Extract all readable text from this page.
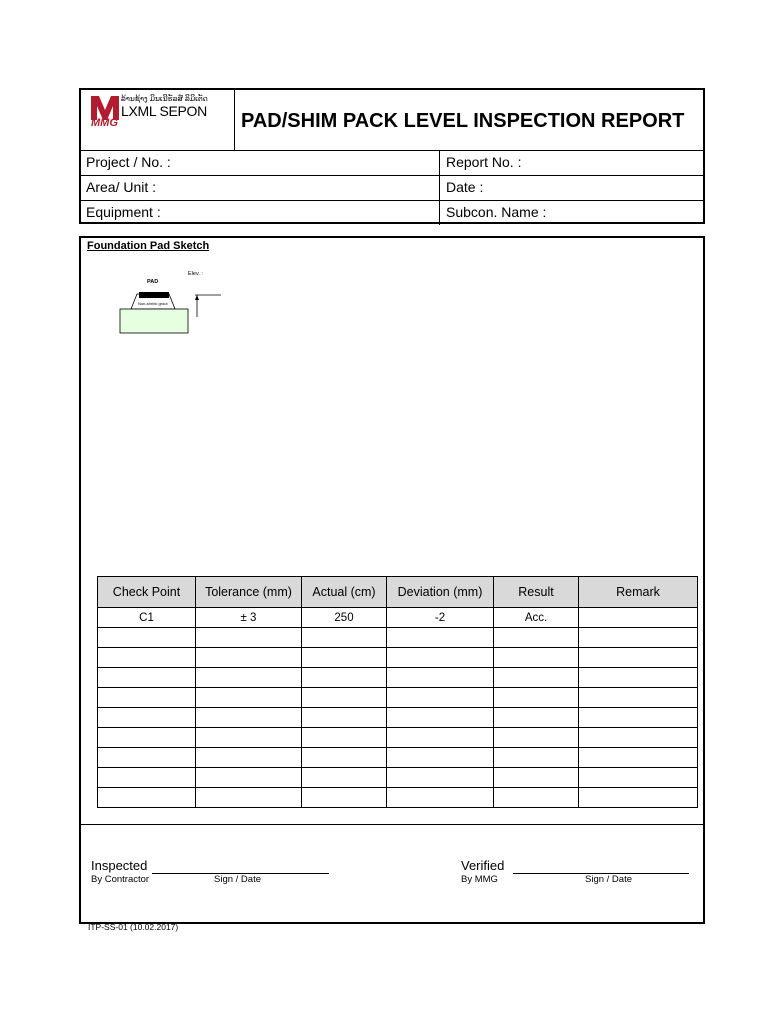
MMG
ລ້ານຊ້າງ ມິນເນີຣັລສ໌ ລິມິເຕັດ
LXML SEPON PAD/SHIM PACK LEVEL INSPECTION REPORT
Project / No. :	Report No. :
Area/ Unit :	Date :
Equipment :	Subcon. Name :
Foundation Pad Sketch
Elev. :
PAD
Non-shrink grout
Check Point	Tolerance (mm)	Actual (cm)	Deviation (mm)	Result	Remark
C1	± 3	250	-2	Acc.	

Inspected
By Contractor	Sign / Date
Verified
By MMG	Sign / Date
ITP-SS-01 (10.02.2017)
